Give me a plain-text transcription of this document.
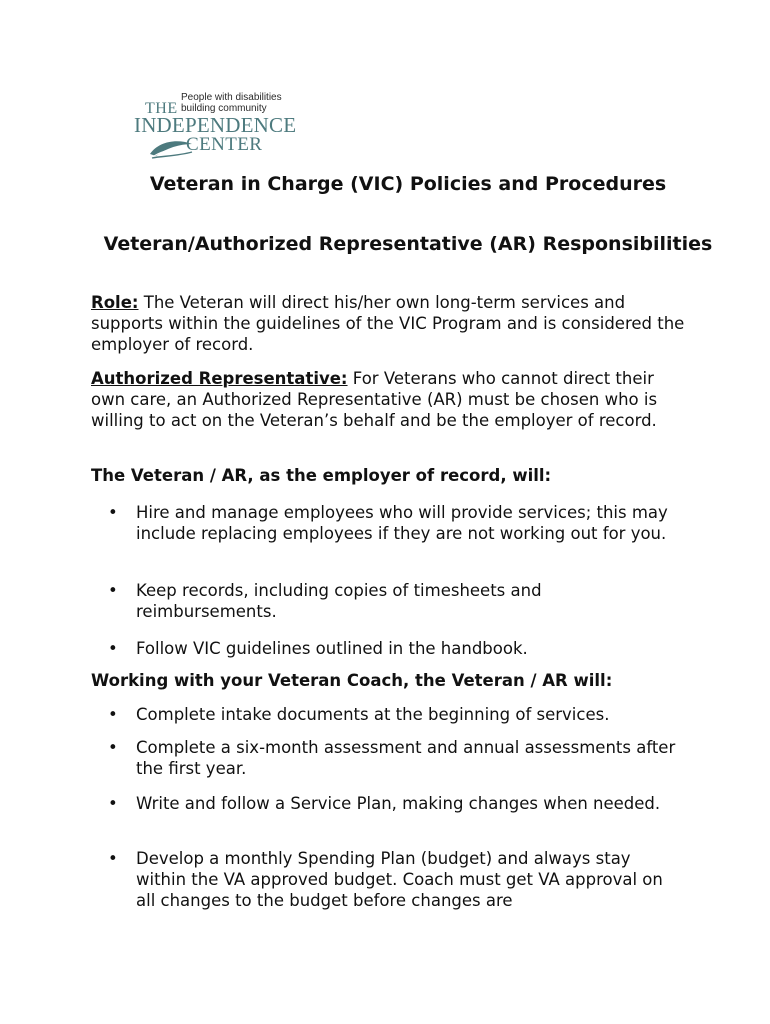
People with disabilities
building community
THE
INDEPENDENCE
CENTER
Veteran in Charge (VIC) Policies and Procedures
Veteran/Authorized Representative (AR) Responsibilities
Role: The Veteran will direct his/her own long-term services and supports within the guidelines of the VIC Program and is considered the employer of record.
Authorized Representative: For Veterans who cannot direct their own care, an Authorized Representative (AR) must be chosen who is willing to act on the Veteran’s behalf and be the employer of record.
The Veteran / AR, as the employer of record, will:
•	Hire and manage employees who will provide services; this may include replacing employees if they are not working out for you.
•	Keep records, including copies of timesheets and reimbursements.
•	Follow VIC guidelines outlined in the handbook.
Working with your Veteran Coach, the Veteran / AR will:
•	Complete intake documents at the beginning of services.
•	Complete a six-month assessment and annual assessments after the first year.
•	Write and follow a Service Plan, making changes when needed.
•	Develop a monthly Spending Plan (budget) and always stay within the VA approved budget. Coach must get VA approval on all changes to the budget before changes are
